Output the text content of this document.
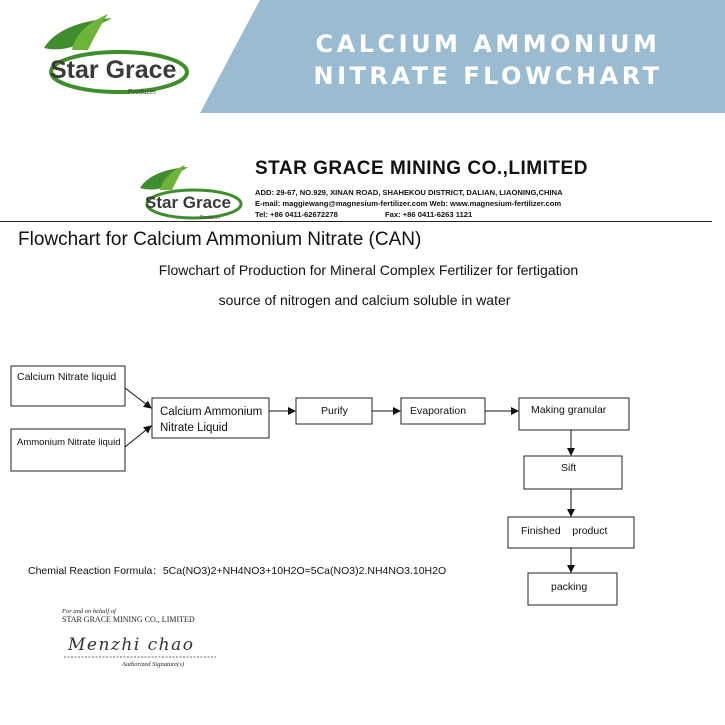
CALCIUM AMMONIUM
NITRATE FLOWCHART
Star Grace
Producer
Star Grace
Producer
STAR GRACE MINING CO.,LIMITED
ADD: 29-67, NO.929, XINAN ROAD, SHAHEKOU DISTRICT, DALIAN, LIAONING,CHINA
E-mail: maggiewang@magnesium-fertilizer.com Web: www.magnesium-fertilizer.com
Tel: +86 0411-62672278	Fax: +86 0411-6263 1121
Flowchart for Calcium Ammonium Nitrate (CAN)
Flowchart of Production for Mineral Complex Fertilizer for fertigation
source of nitrogen and calcium soluble in water
Calcium Nitrate liquid
Ammonium Nitrate liquid
Calcium Ammonium
Nitrate Liquid
Purify	Evaporation	Making granular
Sift
Finished    product
packing
Chemial Reaction Formula：5Ca(NO3)2+NH4NO3+10H2O=5Ca(NO3)2.NH4NO3.10H2O
For and on behalf of
STAR GRACE MINING CO., LIMITED
Menzhi chao
Authorized Signature(s)
